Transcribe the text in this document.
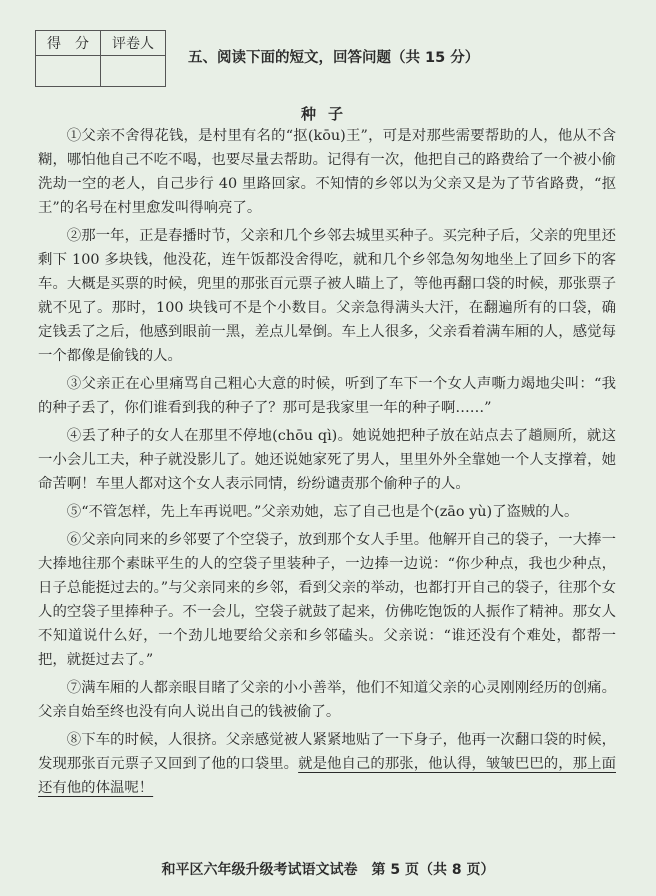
得　分	评卷人

五、阅读下面的短文，回答问题（共 15 分）
种子

①父亲不舍得花钱，是村里有名的“抠(kōu)王”，可是对那些需要帮助的人，他从不含糊，哪怕他自己不吃不喝，也要尽量去帮助。记得有一次，他把自己的路费给了一个被小偷洗劫一空的老人，自己步行 40 里路回家。不知情的乡邻以为父亲又是为了节省路费，“抠王”的名号在村里愈发叫得响亮了。

②那一年，正是春播时节，父亲和几个乡邻去城里买种子。买完种子后，父亲的兜里还剩下 100 多块钱，他没花，连午饭都没舍得吃，就和几个乡邻急匆匆地坐上了回乡下的客车。大概是买票的时候，兜里的那张百元票子被人瞄上了，等他再翻口袋的时候，那张票子就不见了。那时，100 块钱可不是个小数目。父亲急得满头大汗，在翻遍所有的口袋，确定钱丢了之后，他感到眼前一黑，差点儿晕倒。车上人很多，父亲看着满车厢的人，感觉每一个都像是偷钱的人。

③父亲正在心里痛骂自己粗心大意的时候，听到了车下一个女人声嘶力竭地尖叫：“我的种子丢了，你们谁看到我的种子了？那可是我家里一年的种子啊……”

④丢了种子的女人在那里不停地(chōu qì)。她说她把种子放在站点去了趟厕所，就这一小会儿工夫，种子就没影儿了。她还说她家死了男人，里里外外全靠她一个人支撑着，她命苦啊！车里人都对这个女人表示同情，纷纷谴责那个偷种子的人。

⑤“不管怎样，先上车再说吧。”父亲劝她，忘了自己也是个(zāo yù)了盗贼的人。

⑥父亲向同来的乡邻要了个空袋子，放到那个女人手里。他解开自己的袋子，一大捧一大捧地往那个素昧平生的人的空袋子里装种子，一边捧一边说：“你少种点，我也少种点，日子总能挺过去的。”与父亲同来的乡邻，看到父亲的举动，也都打开自己的袋子，往那个女人的空袋子里捧种子。不一会儿，空袋子就鼓了起来，仿佛吃饱饭的人振作了精神。那女人不知道说什么好，一个劲儿地要给父亲和乡邻磕头。父亲说：“谁还没有个难处，都帮一把，就挺过去了。”

⑦满车厢的人都亲眼目睹了父亲的小小善举，他们不知道父亲的心灵刚刚经历的创痛。父亲自始至终也没有向人说出自己的钱被偷了。

⑧下车的时候，人很挤。父亲感觉被人紧紧地贴了一下身子，他再一次翻口袋的时候，发现那张百元票子又回到了他的口袋里。就是他自己的那张，他认得，皱皱巴巴的，那上面还有他的体温呢！

和平区六年级升级考试语文试卷　第 5 页（共 8 页）
